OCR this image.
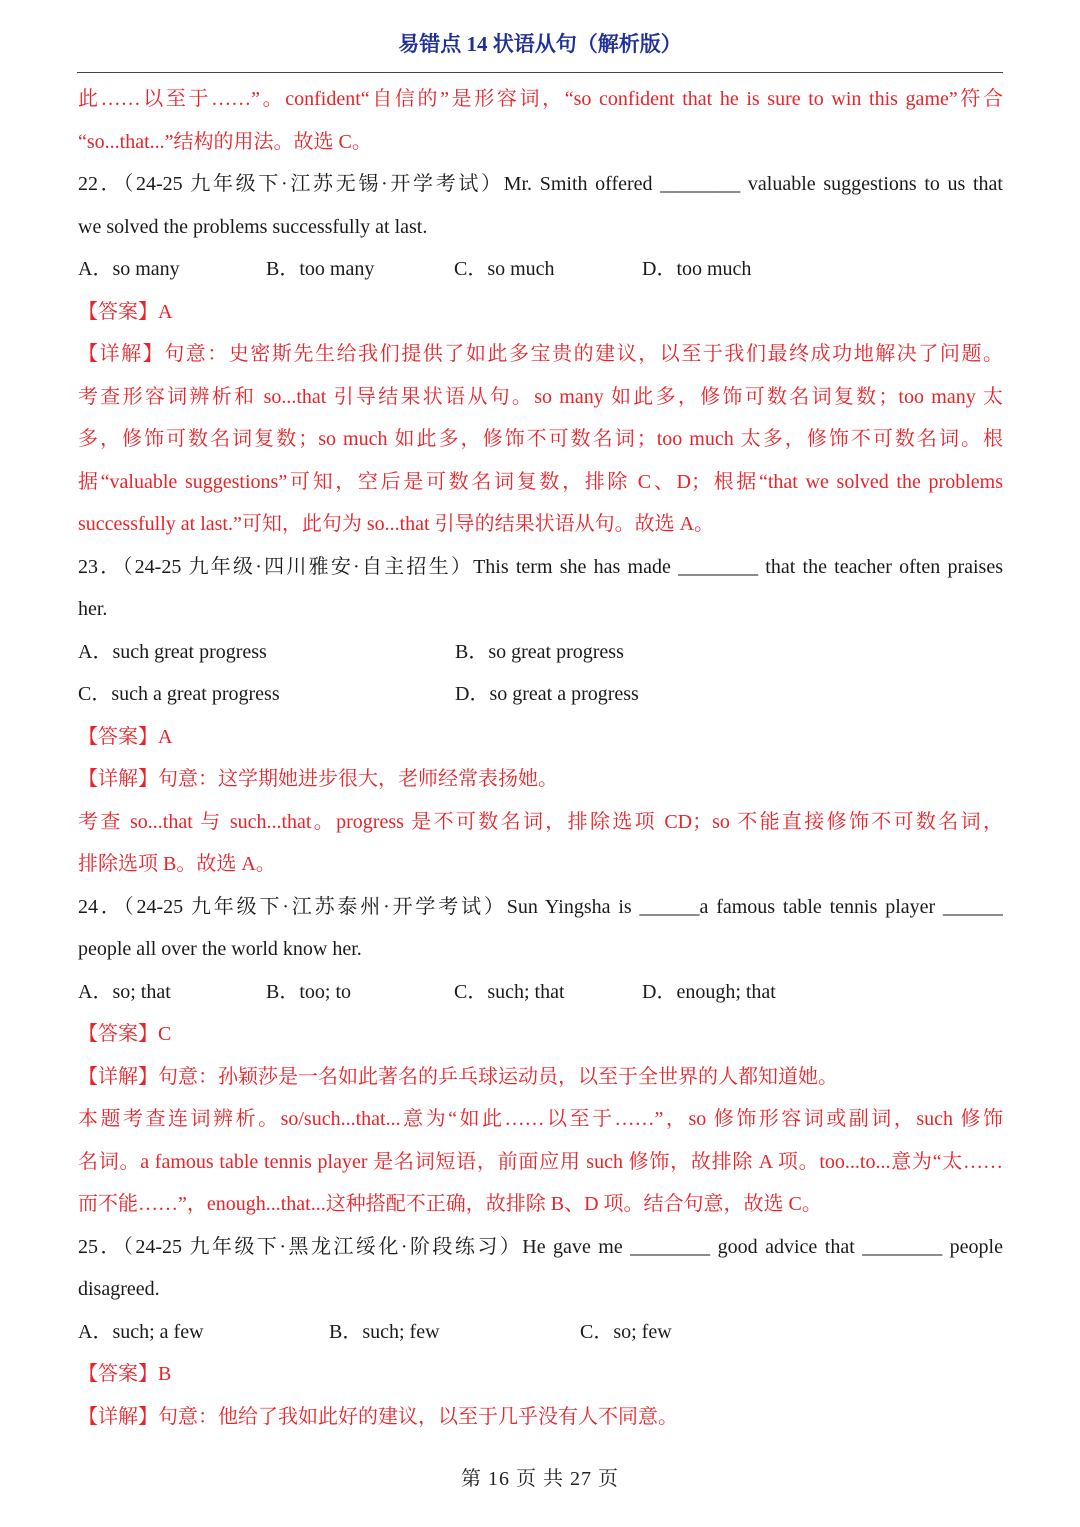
易错点 14 状语从句（解析版）
此……以至于……”。confident“自信的”是形容词，“so confident that he is sure to win this game”符合
“so...that...”结构的用法。故选 C。
22．（24-25 九年级下·江苏无锡·开学考试）Mr. Smith offered ________ valuable suggestions to us that
we solved the problems successfully at last.
A．so many	B．too many	C．so much	D．too much
【答案】A
【详解】句意：史密斯先生给我们提供了如此多宝贵的建议，以至于我们最终成功地解决了问题。
考查形容词辨析和 so...that 引导结果状语从句。so many 如此多，修饰可数名词复数；too many 太
多，修饰可数名词复数；so much 如此多，修饰不可数名词；too much 太多，修饰不可数名词。根
据“valuable suggestions”可知，空后是可数名词复数，排除 C、D；根据“that we solved the problems
successfully at last.”可知，此句为 so...that 引导的结果状语从句。故选 A。
23．（24-25 九年级·四川雅安·自主招生）This term she has made ________ that the teacher often praises
her.
A．such great progress	B．so great progress
C．such a great progress	D．so great a progress
【答案】A
【详解】句意：这学期她进步很大，老师经常表扬她。
考查 so...that 与 such...that。progress 是不可数名词，排除选项 CD；so 不能直接修饰不可数名词，
排除选项 B。故选 A。
24．（24-25 九年级下·江苏泰州·开学考试）Sun Yingsha is ______a famous table tennis player ______
people all over the world know her.
A．so; that	B．too; to	C．such; that	D．enough; that
【答案】C
【详解】句意：孙颖莎是一名如此著名的乒乓球运动员，以至于全世界的人都知道她。
本题考查连词辨析。so/such...that...意为“如此……以至于……”，so 修饰形容词或副词，such 修饰
名词。a famous table tennis player 是名词短语，前面应用 such 修饰，故排除 A 项。too...to...意为“太……
而不能……”，enough...that...这种搭配不正确，故排除 B、D 项。结合句意，故选 C。
25．（24-25 九年级下·黑龙江绥化·阶段练习）He gave me ________ good advice that ________ people
disagreed.
A．such; a few	B．such; few	C．so; few
【答案】B
【详解】句意：他给了我如此好的建议，以至于几乎没有人不同意。
第 16 页 共 27 页
